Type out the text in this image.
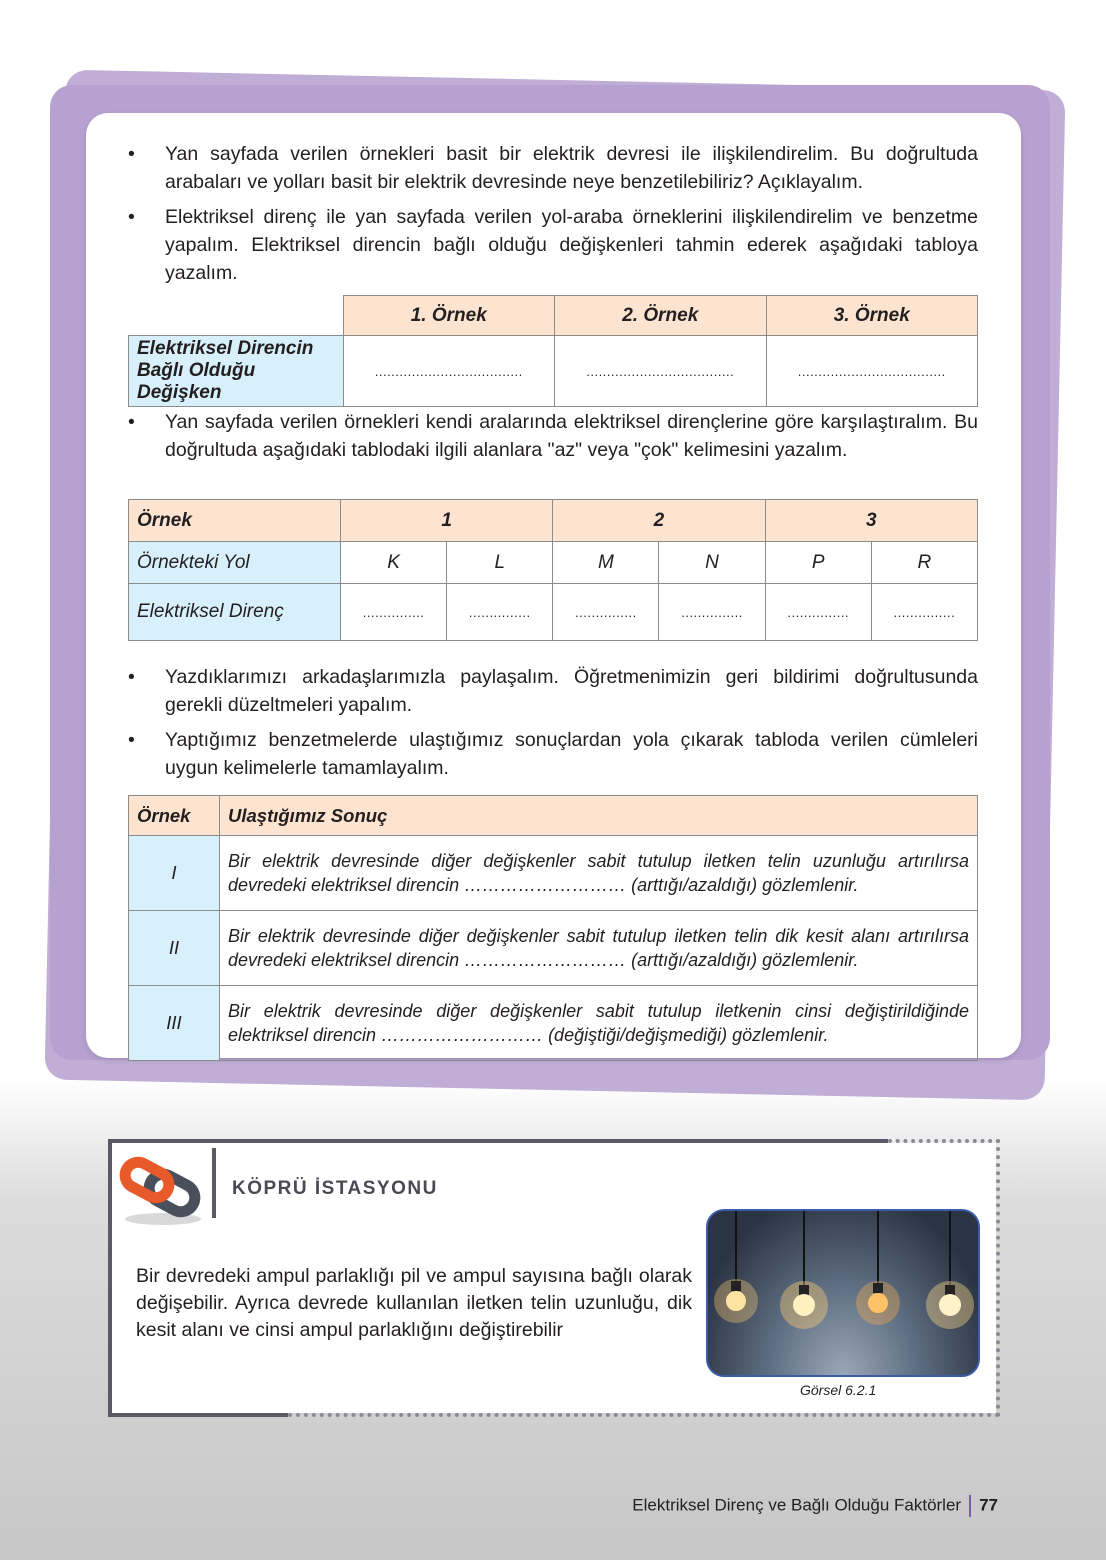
•	Yan sayfada verilen örnekleri basit bir elektrik devresi ile ilişkilendirelim. Bu doğrultuda arabaları ve yolları basit bir elektrik devresinde neye benzetilebiliriz? Açıklayalım.
•	Elektriksel direnç ile yan sayfada verilen yol-araba örneklerini ilişkilendirelim ve benzetme yapalım. Elektriksel direncin bağlı olduğu değişkenleri tahmin ederek aşağıdaki tabloya yazalım.
	1. Örnek	2. Örnek	3. Örnek
Elektriksel Direncin
Bağlı Olduğu Değişken	....................................	....................................	....................................
•	Yan sayfada verilen örnekleri kendi aralarında elektriksel dirençlerine göre karşılaştıralım. Bu doğrultuda aşağıdaki tablodaki ilgili alanlara "az" veya "çok" kelimesini yazalım.
Örnek	1		2		3	
Örnekteki Yol	K	L	M	N	P	R
Elektriksel Direnç	...............	...............	...............	...............	...............	...............
•	Yazdıklarımızı arkadaşlarımızla paylaşalım. Öğretmenimizin geri bildirimi doğrultusunda gerekli düzeltmeleri yapalım.
•	Yaptığımız benzetmelerde ulaştığımız sonuçlardan yola çıkarak tabloda verilen cümleleri uygun kelimelerle tamamlayalım.
Örnek	Ulaştığımız Sonuç
I	Bir elektrik devresinde diğer değişkenler sabit tutulup iletken telin uzunluğu artırılırsa devredeki elektriksel direncin ……………………… (arttığı/azaldığı) gözlemlenir.
II	Bir elektrik devresinde diğer değişkenler sabit tutulup iletken telin dik kesit alanı artırılırsa devredeki elektriksel direncin ……………………… (arttığı/azaldığı) gözlemlenir.
III	Bir elektrik devresinde diğer değişkenler sabit tutulup iletkenin cinsi değiştirildiğinde elektriksel direncin ……………………… (değiştiği/değişmediği) gözlemlenir.
KÖPRÜ İSTASYONU
Bir devredeki ampul parlaklığı pil ve ampul sayısına bağlı olarak değişebilir. Ayrıca devrede kullanılan iletken telin uzunluğu, dik kesit alanı ve cinsi ampul parlaklığını değiştirebilir
Görsel 6.2.1
Elektriksel Direnç ve Bağlı Olduğu Faktörler 77
